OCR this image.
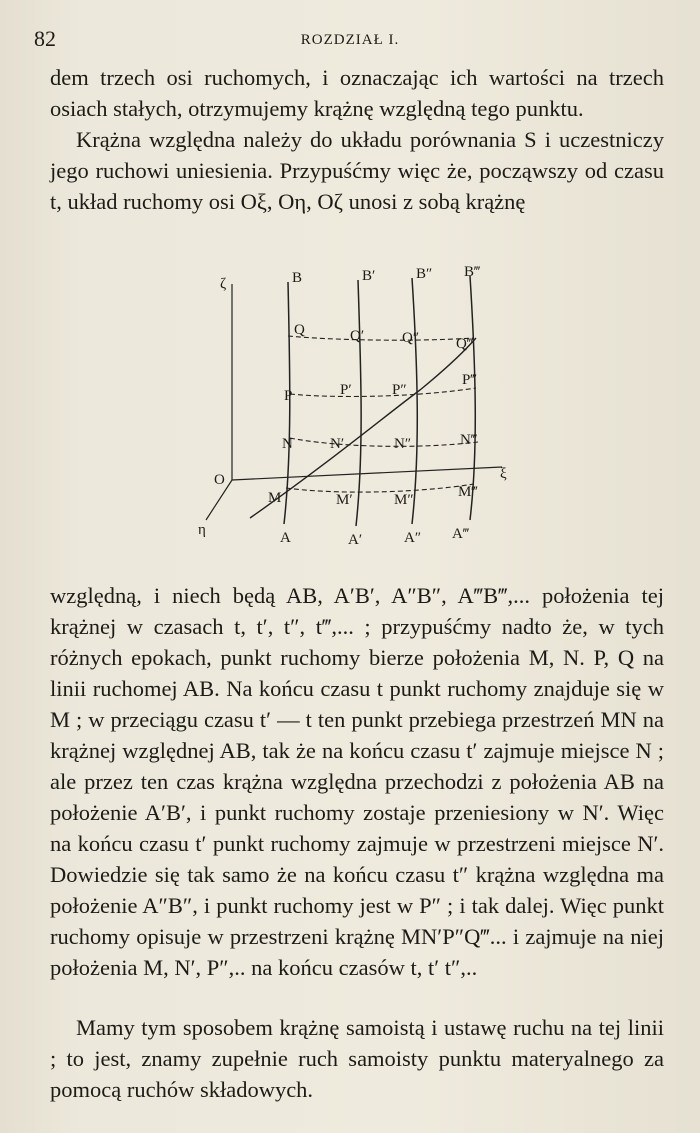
82	ROZDZIAŁ I.

dem trzech osi ruchomych, i oznaczając ich wartości na trzech osiach stałych, otrzymujemy krążnę względną tego punktu.

Krążna względna należy do układu porównania S i uczestniczy jego ruchowi uniesienia. Przypuśćmy więc że, począwszy od czasu t, układ ruchomy osi Oξ, Oη, Oζ unosi z sobą krążnę

ζ
O	ξ
η
B	B′	B″ B‴
A	A′	A″ A‴
Q	Q′	Q″ Q‴
P	P′	P″
P‴
N N′	N″	N‴
M	M′	M″	M‴

względną, i niech będą AB, A′B′, A″B″, A‴B‴,... położenia tej krążnej w czasach t, t′, t″, t‴,... ; przypuśćmy nadto że, w tych różnych epokach, punkt ruchomy bierze położenia M, N. P, Q na linii ruchomej AB. Na końcu czasu t punkt ruchomy znajduje się w M ; w przeciągu czasu t′ — t ten punkt przebiega przestrzeń MN na krążnej względnej AB, tak że na końcu czasu t′ zajmuje miejsce N ; ale przez ten czas krążna względna przechodzi z położenia AB na położenie A′B′, i punkt ruchomy zostaje przeniesiony w N′. Więc na końcu czasu t′ punkt ruchomy zajmuje w przestrzeni miejsce N′. Dowiedzie się tak samo że na końcu czasu t″ krążna względna ma położenie A″B″, i punkt ruchomy jest w P″ ; i tak dalej. Więc punkt ruchomy opisuje w przestrzeni krążnę MN′P″Q‴... i zajmuje na niej położenia M, N′, P″,.. na końcu czasów t, t′ t″,..

Mamy tym sposobem krążnę samoistą i ustawę ruchu na tej linii ; to jest, znamy zupełnie ruch samoisty punktu materyalnego za pomocą ruchów składowych.
